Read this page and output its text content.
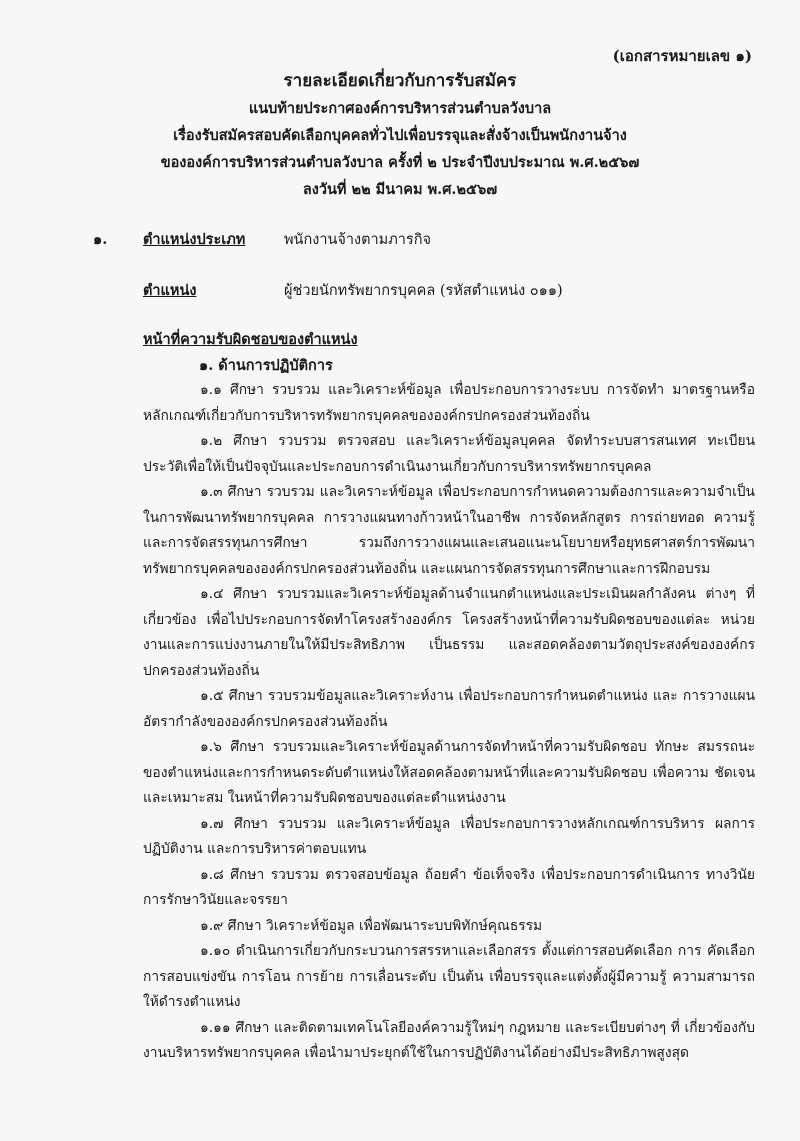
(เอกสารหมายเลข ๑)
รายละเอียดเกี่ยวกับการรับสมัคร
แนบท้ายประกาศองค์การบริหารส่วนตำบลวังบาล
เรื่องรับสมัครสอบคัดเลือกบุคคลทั่วไปเพื่อบรรจุและสั่งจ้างเป็นพนักงานจ้าง
ขององค์การบริหารส่วนตำบลวังบาล ครั้งที่ ๒ ประจำปีงบประมาณ พ.ศ.๒๕๖๗
ลงวันที่ ๒๒ มีนาคม พ.ศ.๒๕๖๗
๑. ตำแหน่งประเภท	พนักงานจ้างตามภารกิจ
ตำแหน่ง	ผู้ช่วยนักทรัพยากรบุคคล (รหัสตำแหน่ง ๐๑๑)
หน้าที่ความรับผิดชอบของตำแหน่ง
๑. ด้านการปฏิบัติการ

๑.๑ ศึกษา รวบรวม และวิเคราะห์ข้อมูล เพื่อประกอบการวางระบบ การจัดทำ มาตรฐานหรือหลักเกณฑ์เกี่ยวกับการบริหารทรัพยากรบุคคลขององค์กรปกครองส่วนท้องถิ่น

๑.๒ ศึกษา รวบรวม ตรวจสอบ และวิเคราะห์ข้อมูลบุคคล จัดทำระบบสารสนเทศ ทะเบียนประวัติเพื่อให้เป็นปัจจุบันและประกอบการดำเนินงานเกี่ยวกับการบริหารทรัพยากรบุคคล

๑.๓ ศึกษา รวบรวม และวิเคราะห์ข้อมูล เพื่อประกอบการกำหนดความต้องการและความจำเป็นในการพัฒนาทรัพยากรบุคคล การวางแผนทางก้าวหน้าในอาชีพ การจัดหลักสูตร การถ่ายทอด ความรู้และการจัดสรรทุนการศึกษา รวมถึงการวางแผนและเสนอแนะนโยบายหรือยุทธศาสตร์การพัฒนา ทรัพยากรบุคคลขององค์กรปกครองส่วนท้องถิ่น และแผนการจัดสรรทุนการศึกษาและการฝึกอบรม

๑.๔ ศึกษา รวบรวมและวิเคราะห์ข้อมูลด้านจำแนกตำแหน่งและประเมินผลกำลังคน ต่างๆ ที่เกี่ยวข้อง เพื่อไปประกอบการจัดทำโครงสร้างองค์กร โครงสร้างหน้าที่ความรับผิดชอบของแต่ละ หน่วยงานและการแบ่งงานภายในให้มีประสิทธิภาพ เป็นธรรม และสอดคล้องตามวัตถุประสงค์ขององค์กร ปกครองส่วนท้องถิ่น

๑.๕ ศึกษา รวบรวมข้อมูลและวิเคราะห์งาน เพื่อประกอบการกำหนดตำแหน่ง และ การวางแผนอัตรากำลังขององค์กรปกครองส่วนท้องถิ่น

๑.๖ ศึกษา รวบรวมและวิเคราะห์ข้อมูลด้านการจัดทำหน้าที่ความรับผิดชอบ ทักษะ สมรรถนะของตำแหน่งและการกำหนดระดับตำแหน่งให้สอดคล้องตามหน้าที่และความรับผิดชอบ เพื่อความ ชัดเจนและเหมาะสม ในหน้าที่ความรับผิดชอบของแต่ละตำแหน่งงาน

๑.๗ ศึกษา รวบรวม และวิเคราะห์ข้อมูล เพื่อประกอบการวางหลักเกณฑ์การบริหาร ผลการปฏิบัติงาน และการบริหารค่าตอบแทน

๑.๘ ศึกษา รวบรวม ตรวจสอบข้อมูล ถ้อยคำ ข้อเท็จจริง เพื่อประกอบการดำเนินการ ทางวินัยการรักษาวินัยและจรรยา

๑.๙ ศึกษา วิเคราะห์ข้อมูล เพื่อพัฒนาระบบพิทักษ์คุณธรรม

๑.๑๐ ดำเนินการเกี่ยวกับกระบวนการสรรหาและเลือกสรร ตั้งแต่การสอบคัดเลือก การ คัดเลือกการสอบแข่งขัน การโอน การย้าย การเลื่อนระดับ เป็นต้น เพื่อบรรจุและแต่งตั้งผู้มีความรู้ ความสามารถให้ดำรงตำแหน่ง

๑.๑๑ ศึกษา และติดตามเทคโนโลยีองค์ความรู้ใหม่ๆ กฎหมาย และระเบียบต่างๆ ที่ เกี่ยวข้องกับงานบริหารทรัพยากรบุคคล เพื่อนำมาประยุกต์ใช้ในการปฏิบัติงานได้อย่างมีประสิทธิภาพสูงสุด
